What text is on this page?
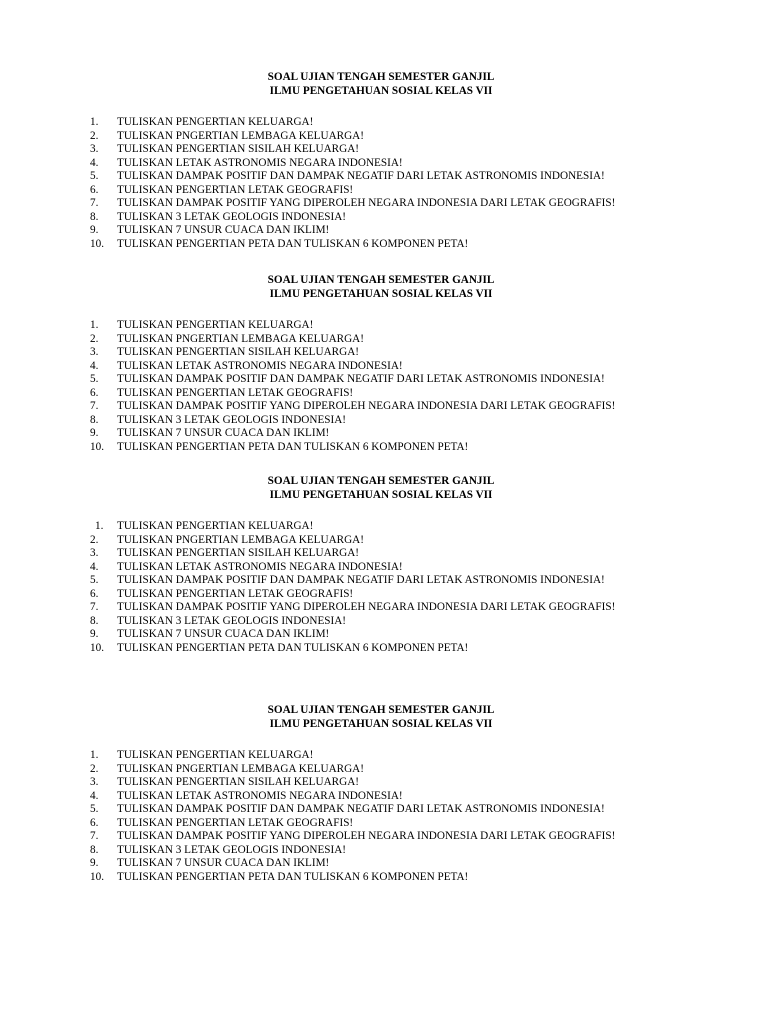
SOAL UJIAN TENGAH SEMESTER GANJIL
ILMU PENGETAHUAN SOSIAL KELAS VII
1.	TULISKAN PENGERTIAN KELUARGA!
2.	TULISKAN PNGERTIAN LEMBAGA KELUARGA!
3.	TULISKAN PENGERTIAN SISILAH KELUARGA!
4.	TULISKAN LETAK ASTRONOMIS NEGARA INDONESIA!
5.	TULISKAN DAMPAK POSITIF DAN DAMPAK NEGATIF DARI LETAK ASTRONOMIS INDONESIA!
6.	TULISKAN PENGERTIAN LETAK GEOGRAFIS!
7.	TULISKAN DAMPAK POSITIF YANG DIPEROLEH NEGARA INDONESIA DARI LETAK GEOGRAFIS!
8.	TULISKAN 3 LETAK GEOLOGIS INDONESIA!
9.	TULISKAN 7 UNSUR CUACA DAN IKLIM!
10.	TULISKAN PENGERTIAN PETA DAN TULISKAN 6 KOMPONEN PETA!
SOAL UJIAN TENGAH SEMESTER GANJIL
ILMU PENGETAHUAN SOSIAL KELAS VII
1.	TULISKAN PENGERTIAN KELUARGA!
2.	TULISKAN PNGERTIAN LEMBAGA KELUARGA!
3.	TULISKAN PENGERTIAN SISILAH KELUARGA!
4.	TULISKAN LETAK ASTRONOMIS NEGARA INDONESIA!
5.	TULISKAN DAMPAK POSITIF DAN DAMPAK NEGATIF DARI LETAK ASTRONOMIS INDONESIA!
6.	TULISKAN PENGERTIAN LETAK GEOGRAFIS!
7.	TULISKAN DAMPAK POSITIF YANG DIPEROLEH NEGARA INDONESIA DARI LETAK GEOGRAFIS!
8.	TULISKAN 3 LETAK GEOLOGIS INDONESIA!
9.	TULISKAN 7 UNSUR CUACA DAN IKLIM!
10.	TULISKAN PENGERTIAN PETA DAN TULISKAN 6 KOMPONEN PETA!
SOAL UJIAN TENGAH SEMESTER GANJIL
ILMU PENGETAHUAN SOSIAL KELAS VII
1.	TULISKAN PENGERTIAN KELUARGA!
2.	TULISKAN PNGERTIAN LEMBAGA KELUARGA!
3.	TULISKAN PENGERTIAN SISILAH KELUARGA!
4.	TULISKAN LETAK ASTRONOMIS NEGARA INDONESIA!
5.	TULISKAN DAMPAK POSITIF DAN DAMPAK NEGATIF DARI LETAK ASTRONOMIS INDONESIA!
6.	TULISKAN PENGERTIAN LETAK GEOGRAFIS!
7.	TULISKAN DAMPAK POSITIF YANG DIPEROLEH NEGARA INDONESIA DARI LETAK GEOGRAFIS!
8.	TULISKAN 3 LETAK GEOLOGIS INDONESIA!
9.	TULISKAN 7 UNSUR CUACA DAN IKLIM!
10.	TULISKAN PENGERTIAN PETA DAN TULISKAN 6 KOMPONEN PETA!
SOAL UJIAN TENGAH SEMESTER GANJIL
ILMU PENGETAHUAN SOSIAL KELAS VII
1.	TULISKAN PENGERTIAN KELUARGA!
2.	TULISKAN PNGERTIAN LEMBAGA KELUARGA!
3.	TULISKAN PENGERTIAN SISILAH KELUARGA!
4.	TULISKAN LETAK ASTRONOMIS NEGARA INDONESIA!
5.	TULISKAN DAMPAK POSITIF DAN DAMPAK NEGATIF DARI LETAK ASTRONOMIS INDONESIA!
6.	TULISKAN PENGERTIAN LETAK GEOGRAFIS!
7.	TULISKAN DAMPAK POSITIF YANG DIPEROLEH NEGARA INDONESIA DARI LETAK GEOGRAFIS!
8.	TULISKAN 3 LETAK GEOLOGIS INDONESIA!
9.	TULISKAN 7 UNSUR CUACA DAN IKLIM!
10.	TULISKAN PENGERTIAN PETA DAN TULISKAN 6 KOMPONEN PETA!
